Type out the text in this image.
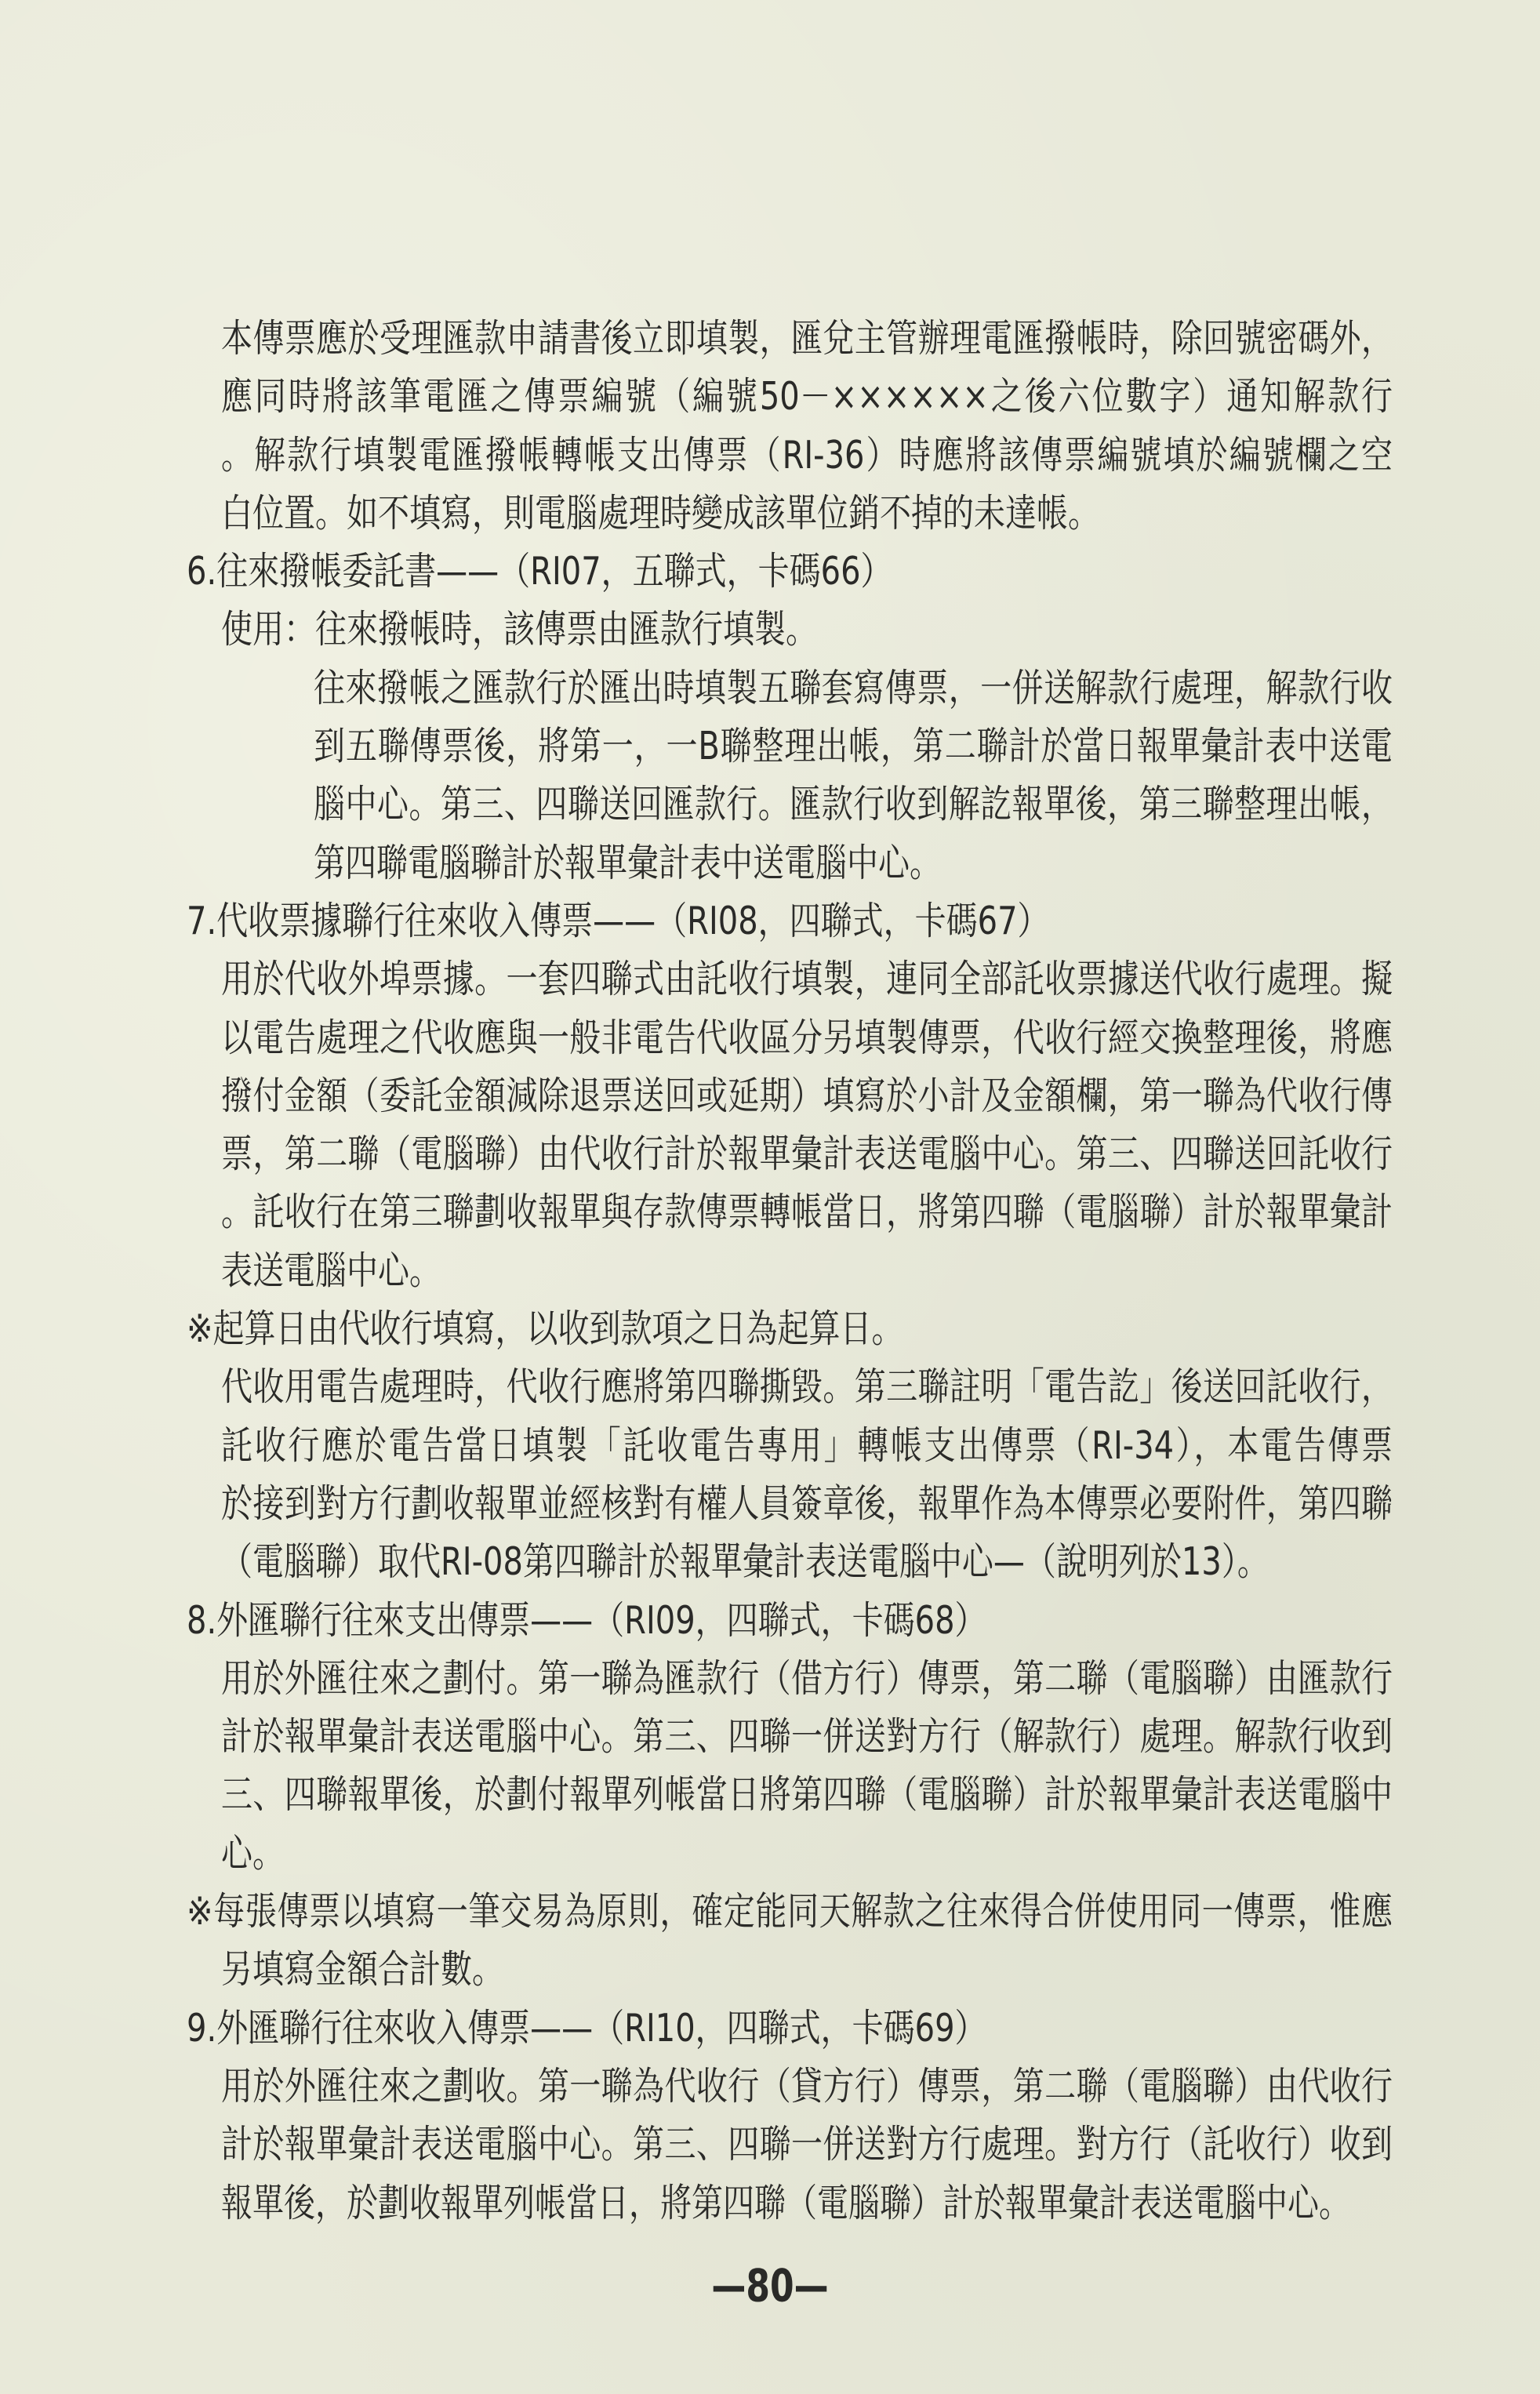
本傳票應於受理匯款申請書後立即填製，匯兌主管辦理電匯撥帳時，除回號密碼外，
應同時將該筆電匯之傳票編號（編號50－××××××之後六位數字）通知解款行
。解款行填製電匯撥帳轉帳支出傳票（RI-36）時應將該傳票編號填於編號欄之空
白位置。如不填寫，則電腦處理時變成該單位銷不掉的未達帳。
6.往來撥帳委託書——（RI07，五聯式，卡碼66）
使用：往來撥帳時，該傳票由匯款行填製。
往來撥帳之匯款行於匯出時填製五聯套寫傳票，一併送解款行處理，解款行收
到五聯傳票後，將第一，一B聯整理出帳，第二聯計於當日報單彙計表中送電
腦中心。第三、四聯送回匯款行。匯款行收到解訖報單後，第三聯整理出帳，
第四聯電腦聯計於報單彙計表中送電腦中心。
7.代收票據聯行往來收入傳票——（RI08，四聯式，卡碼67）
用於代收外埠票據。一套四聯式由託收行填製，連同全部託收票據送代收行處理。擬
以電告處理之代收應與一般非電告代收區分另填製傳票，代收行經交換整理後，將應
撥付金額（委託金額減除退票送回或延期）填寫於小計及金額欄，第一聯為代收行傳
票，第二聯（電腦聯）由代收行計於報單彙計表送電腦中心。第三、四聯送回託收行
。託收行在第三聯劃收報單與存款傳票轉帳當日，將第四聯（電腦聯）計於報單彙計
表送電腦中心。
※起算日由代收行填寫，以收到款項之日為起算日。
代收用電告處理時，代收行應將第四聯撕毀。第三聯註明「電告訖」後送回託收行，
託收行應於電告當日填製「託收電告專用」轉帳支出傳票（RI-34），本電告傳票
於接到對方行劃收報單並經核對有權人員簽章後，報單作為本傳票必要附件，第四聯
（電腦聯）取代RI-08第四聯計於報單彙計表送電腦中心—（說明列於13）。
8.外匯聯行往來支出傳票——（RI09，四聯式，卡碼68）
用於外匯往來之劃付。第一聯為匯款行（借方行）傳票，第二聯（電腦聯）由匯款行
計於報單彙計表送電腦中心。第三、四聯一併送對方行（解款行）處理。解款行收到
三、四聯報單後，於劃付報單列帳當日將第四聯（電腦聯）計於報單彙計表送電腦中
心。
※每張傳票以填寫一筆交易為原則，確定能同天解款之往來得合併使用同一傳票，惟應
另填寫金額合計數。
9.外匯聯行往來收入傳票——（RI10，四聯式，卡碼69）
用於外匯往來之劃收。第一聯為代收行（貸方行）傳票，第二聯（電腦聯）由代收行
計於報單彙計表送電腦中心。第三、四聯一併送對方行處理。對方行（託收行）收到
報單後，於劃收報單列帳當日，將第四聯（電腦聯）計於報單彙計表送電腦中心。
—80—
